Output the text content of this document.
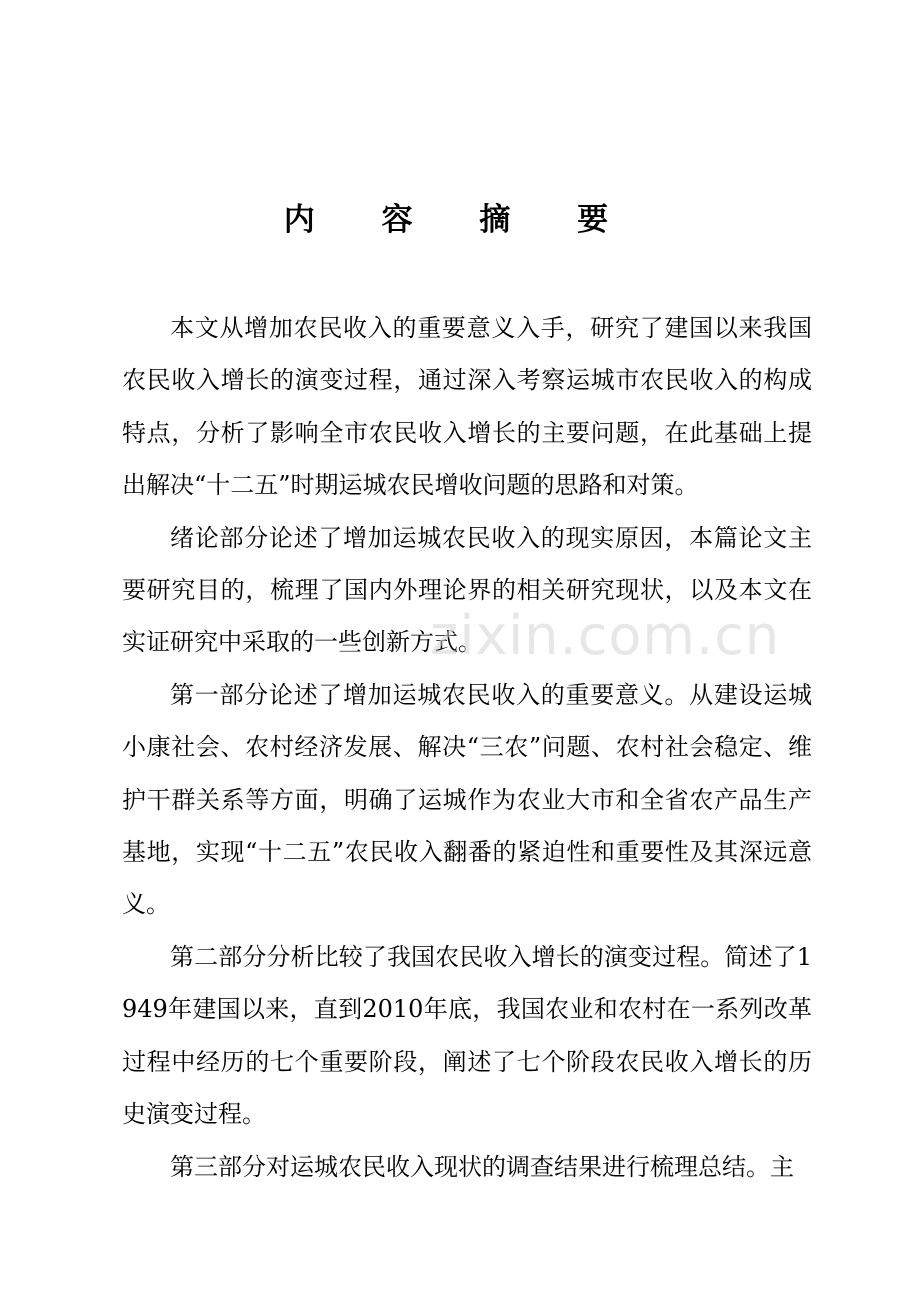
内 容 摘 要

本文从增加农民收入的重要意义入手，研究了建国以来我国农民收入增长的演变过程，通过深入考察运城市农民收入的构成特点，分析了影响全市农民收入增长的主要问题，在此基础上提出解决“十二五”时期运城农民增收问题的思路和对策。

绪论部分论述了增加运城农民收入的现实原因，本篇论文主要研究目的，梳理了国内外理论界的相关研究现状，以及本文在实证研究中采取的一些创新方式。

第一部分论述了增加运城农民收入的重要意义。从建设运城小康社会、农村经济发展、解决“三农”问题、农村社会稳定、维护干群关系等方面，明确了运城作为农业大市和全省农产品生产基地，实现“十二五”农民收入翻番的紧迫性和重要性及其深远意义。

第二部分分析比较了我国农民收入增长的演变过程。简述了1949年建国以来，直到2010年底，我国农业和农村在一系列改革过程中经历的七个重要阶段，阐述了七个阶段农民收入增长的历史演变过程。

第三部分对运城农民收入现状的调查结果进行梳理总结。主

zixin.com.cn
